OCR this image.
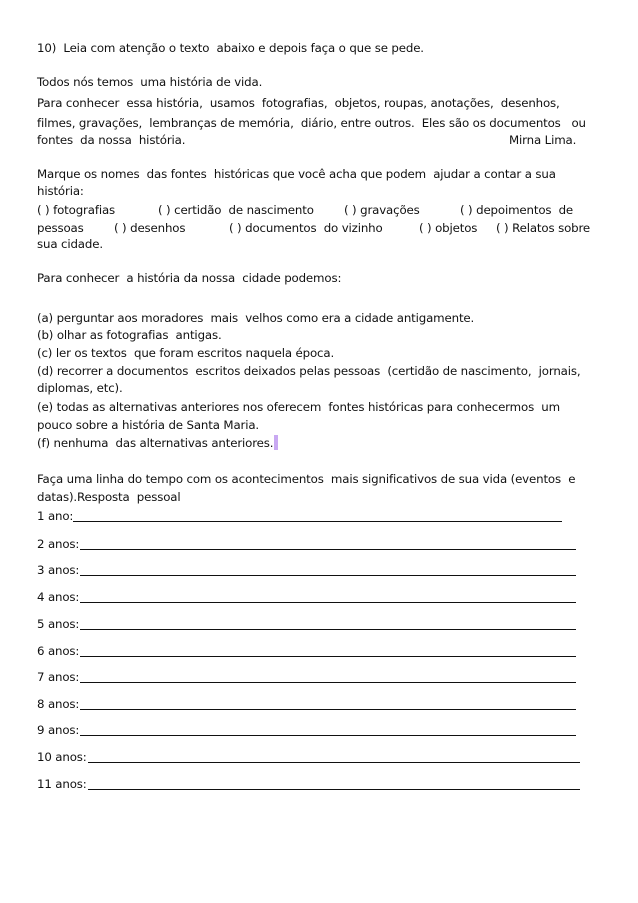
10)  Leia com atenção o texto  abaixo e depois faça o que se pede.
Todos nós temos  uma história de vida.
Para conhecer  essa história,  usamos  fotografias,  objetos, roupas, anotações,  desenhos,
filmes, gravações,  lembranças de memória,  diário, entre outros.  Eles são os documentos   ou
fontes  da nossa  história.	Mirna Lima.
Marque os nomes  das fontes  históricas que você acha que podem  ajudar a contar a sua
história:
( ) fotografias	( ) certidão  de nascimento	( ) gravações	( ) depoimentos  de
pessoas	( ) desenhos	( ) documentos  do vizinho	( ) objetos ( ) Relatos sobre
sua cidade.
Para conhecer  a história da nossa  cidade podemos:
(a) perguntar aos moradores  mais  velhos como era a cidade antigamente.
(b) olhar as fotografias  antigas.
(c) ler os textos  que foram escritos naquela época.
(d) recorrer a documentos  escritos deixados pelas pessoas  (certidão de nascimento,  jornais,
diplomas, etc).
(e) todas as alternativas anteriores nos oferecem  fontes históricas para conhecermos  um
pouco sobre a história de Santa Maria.
(f) nenhuma  das alternativas anteriores.
Faça uma linha do tempo com os acontecimentos  mais significativos de sua vida (eventos  e
datas).Resposta  pessoal
1 ano:
2 anos:
3 anos:
4 anos:
5 anos:
6 anos:
7 anos:
8 anos:
9 anos:
10 anos:
11 anos:
